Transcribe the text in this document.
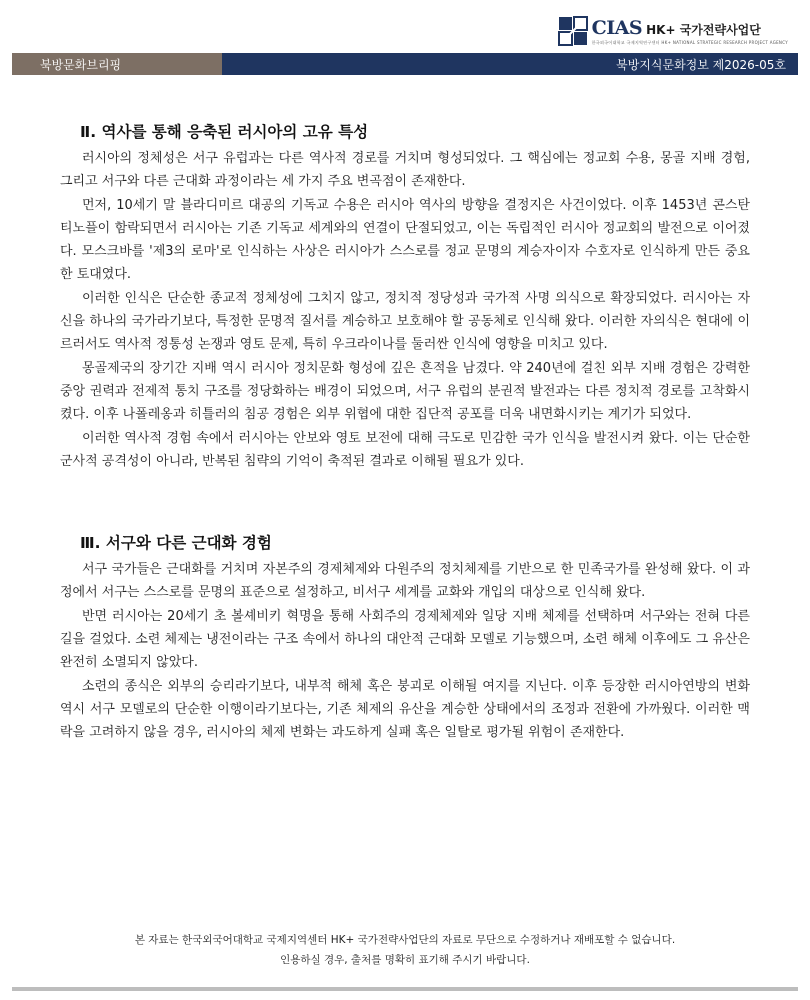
CIAS HK+ 국가전략사업단
한국외국어대학교 국제지역연구센터 HK+ NATIONAL STRATEGIC RESEARCH PROJECT AGENCY
북방문화브리핑	북방지식문화정보 제2026-05호
Ⅱ. 역사를 통해 응축된 러시아의 고유 특성

러시아의 정체성은 서구 유럽과는 다른 역사적 경로를 거치며 형성되었다. 그 핵심에는 정교회 수용, 몽골 지배 경험, 그리고 서구와 다른 근대화 과정이라는 세 가지 주요 변곡점이 존재한다.

먼저, 10세기 말 블라디미르 대공의 기독교 수용은 러시아 역사의 방향을 결정지은 사건이었다. 이후 1453년 콘스탄티노플이 함락되면서 러시아는 기존 기독교 세계와의 연결이 단절되었고, 이는 독립적인 러시아 정교회의 발전으로 이어졌다. 모스크바를 '제3의 로마'로 인식하는 사상은 러시아가 스스로를 정교 문명의 계승자이자 수호자로 인식하게 만든 중요한 토대였다.

이러한 인식은 단순한 종교적 정체성에 그치지 않고, 정치적 정당성과 국가적 사명 의식으로 확장되었다. 러시아는 자신을 하나의 국가라기보다, 특정한 문명적 질서를 계승하고 보호해야 할 공동체로 인식해 왔다. 이러한 자의식은 현대에 이르러서도 역사적 정통성 논쟁과 영토 문제, 특히 우크라이나를 둘러싼 인식에 영향을 미치고 있다.

몽골제국의 장기간 지배 역시 러시아 정치문화 형성에 깊은 흔적을 남겼다. 약 240년에 걸친 외부 지배 경험은 강력한 중앙 권력과 전제적 통치 구조를 정당화하는 배경이 되었으며, 서구 유럽의 분권적 발전과는 다른 정치적 경로를 고착화시켰다. 이후 나폴레옹과 히틀러의 침공 경험은 외부 위협에 대한 집단적 공포를 더욱 내면화시키는 계기가 되었다.

이러한 역사적 경험 속에서 러시아는 안보와 영토 보전에 대해 극도로 민감한 국가 인식을 발전시켜 왔다. 이는 단순한 군사적 공격성이 아니라, 반복된 침략의 기억이 축적된 결과로 이해될 필요가 있다.

Ⅲ. 서구와 다른 근대화 경험

서구 국가들은 근대화를 거치며 자본주의 경제체제와 다원주의 정치체제를 기반으로 한 민족국가를 완성해 왔다. 이 과정에서 서구는 스스로를 문명의 표준으로 설정하고, 비서구 세계를 교화와 개입의 대상으로 인식해 왔다.

반면 러시아는 20세기 초 볼셰비키 혁명을 통해 사회주의 경제체제와 일당 지배 체제를 선택하며 서구와는 전혀 다른 길을 걸었다. 소련 체제는 냉전이라는 구조 속에서 하나의 대안적 근대화 모델로 기능했으며, 소련 해체 이후에도 그 유산은 완전히 소멸되지 않았다.

소련의 종식은 외부의 승리라기보다, 내부적 해체 혹은 붕괴로 이해될 여지를 지닌다. 이후 등장한 러시아연방의 변화 역시 서구 모델로의 단순한 이행이라기보다는, 기존 체제의 유산을 계승한 상태에서의 조정과 전환에 가까웠다. 이러한 맥락을 고려하지 않을 경우, 러시아의 체제 변화는 과도하게 실패 혹은 일탈로 평가될 위험이 존재한다.

본 자료는 한국외국어대학교 국제지역센터 HK+ 국가전략사업단의 자료로 무단으로 수정하거나 재배포할 수 없습니다.
인용하실 경우, 출처를 명확히 표기해 주시기 바랍니다.
